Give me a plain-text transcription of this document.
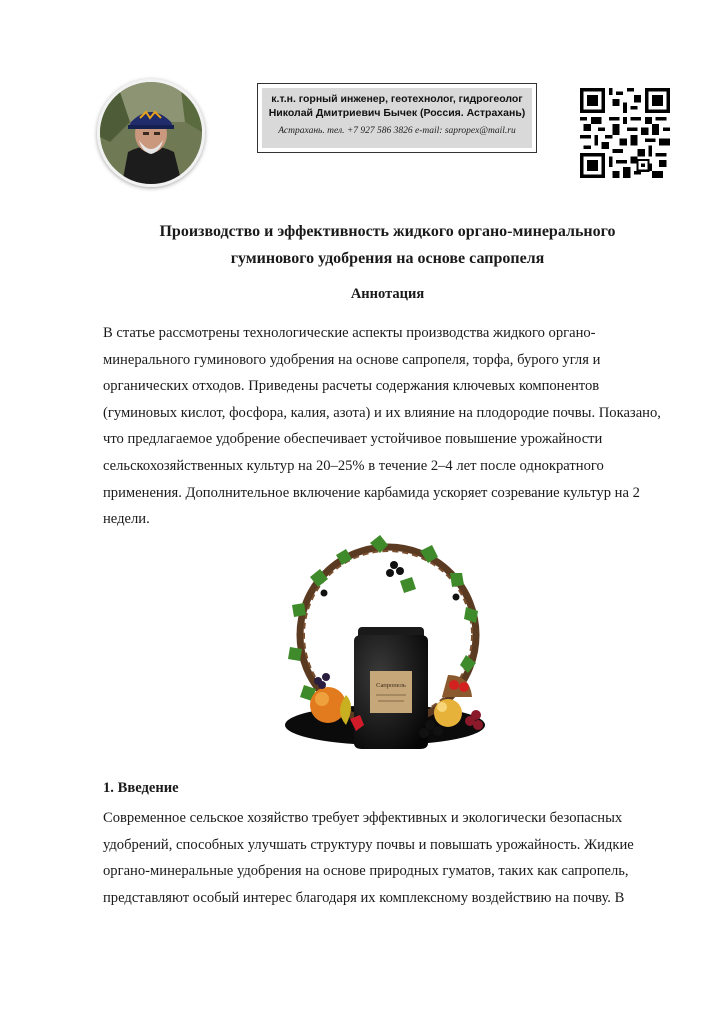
к.т.н. горный инженер, геотехнолог, гидрогеолог
Николай Дмитриевич Бычек (Россия. Астрахань)
Астрахань. тел. +7 927 586 3826 e-mail: sapropex@mail.ru
Производство и эффективность жидкого органо-минерального
гуминового удобрения на основе сапропеля
Аннотация
В статье рассмотрены технологические аспекты производства жидкого органо-
минерального гуминового удобрения на основе сапропеля, торфа, бурого угля и
органических отходов. Приведены расчеты содержания ключевых компонентов
(гуминовых кислот, фосфора, калия, азота) и их влияние на плодородие почвы. Показано,
что предлагаемое удобрение обеспечивает устойчивое повышение урожайности
сельскохозяйственных культур на 20–25% в течение 2–4 лет после однократного
применения. Дополнительное включение карбамида ускоряет созревание культур на 2
недели.
Сапропель
1. Введение
Современное сельское хозяйство требует эффективных и экологически безопасных
удобрений, способных улучшать структуру почвы и повышать урожайность. Жидкие
органо-минеральные удобрения на основе природных гуматов, таких как сапропель,
представляют особый интерес благодаря их комплексному воздействию на почву. В
